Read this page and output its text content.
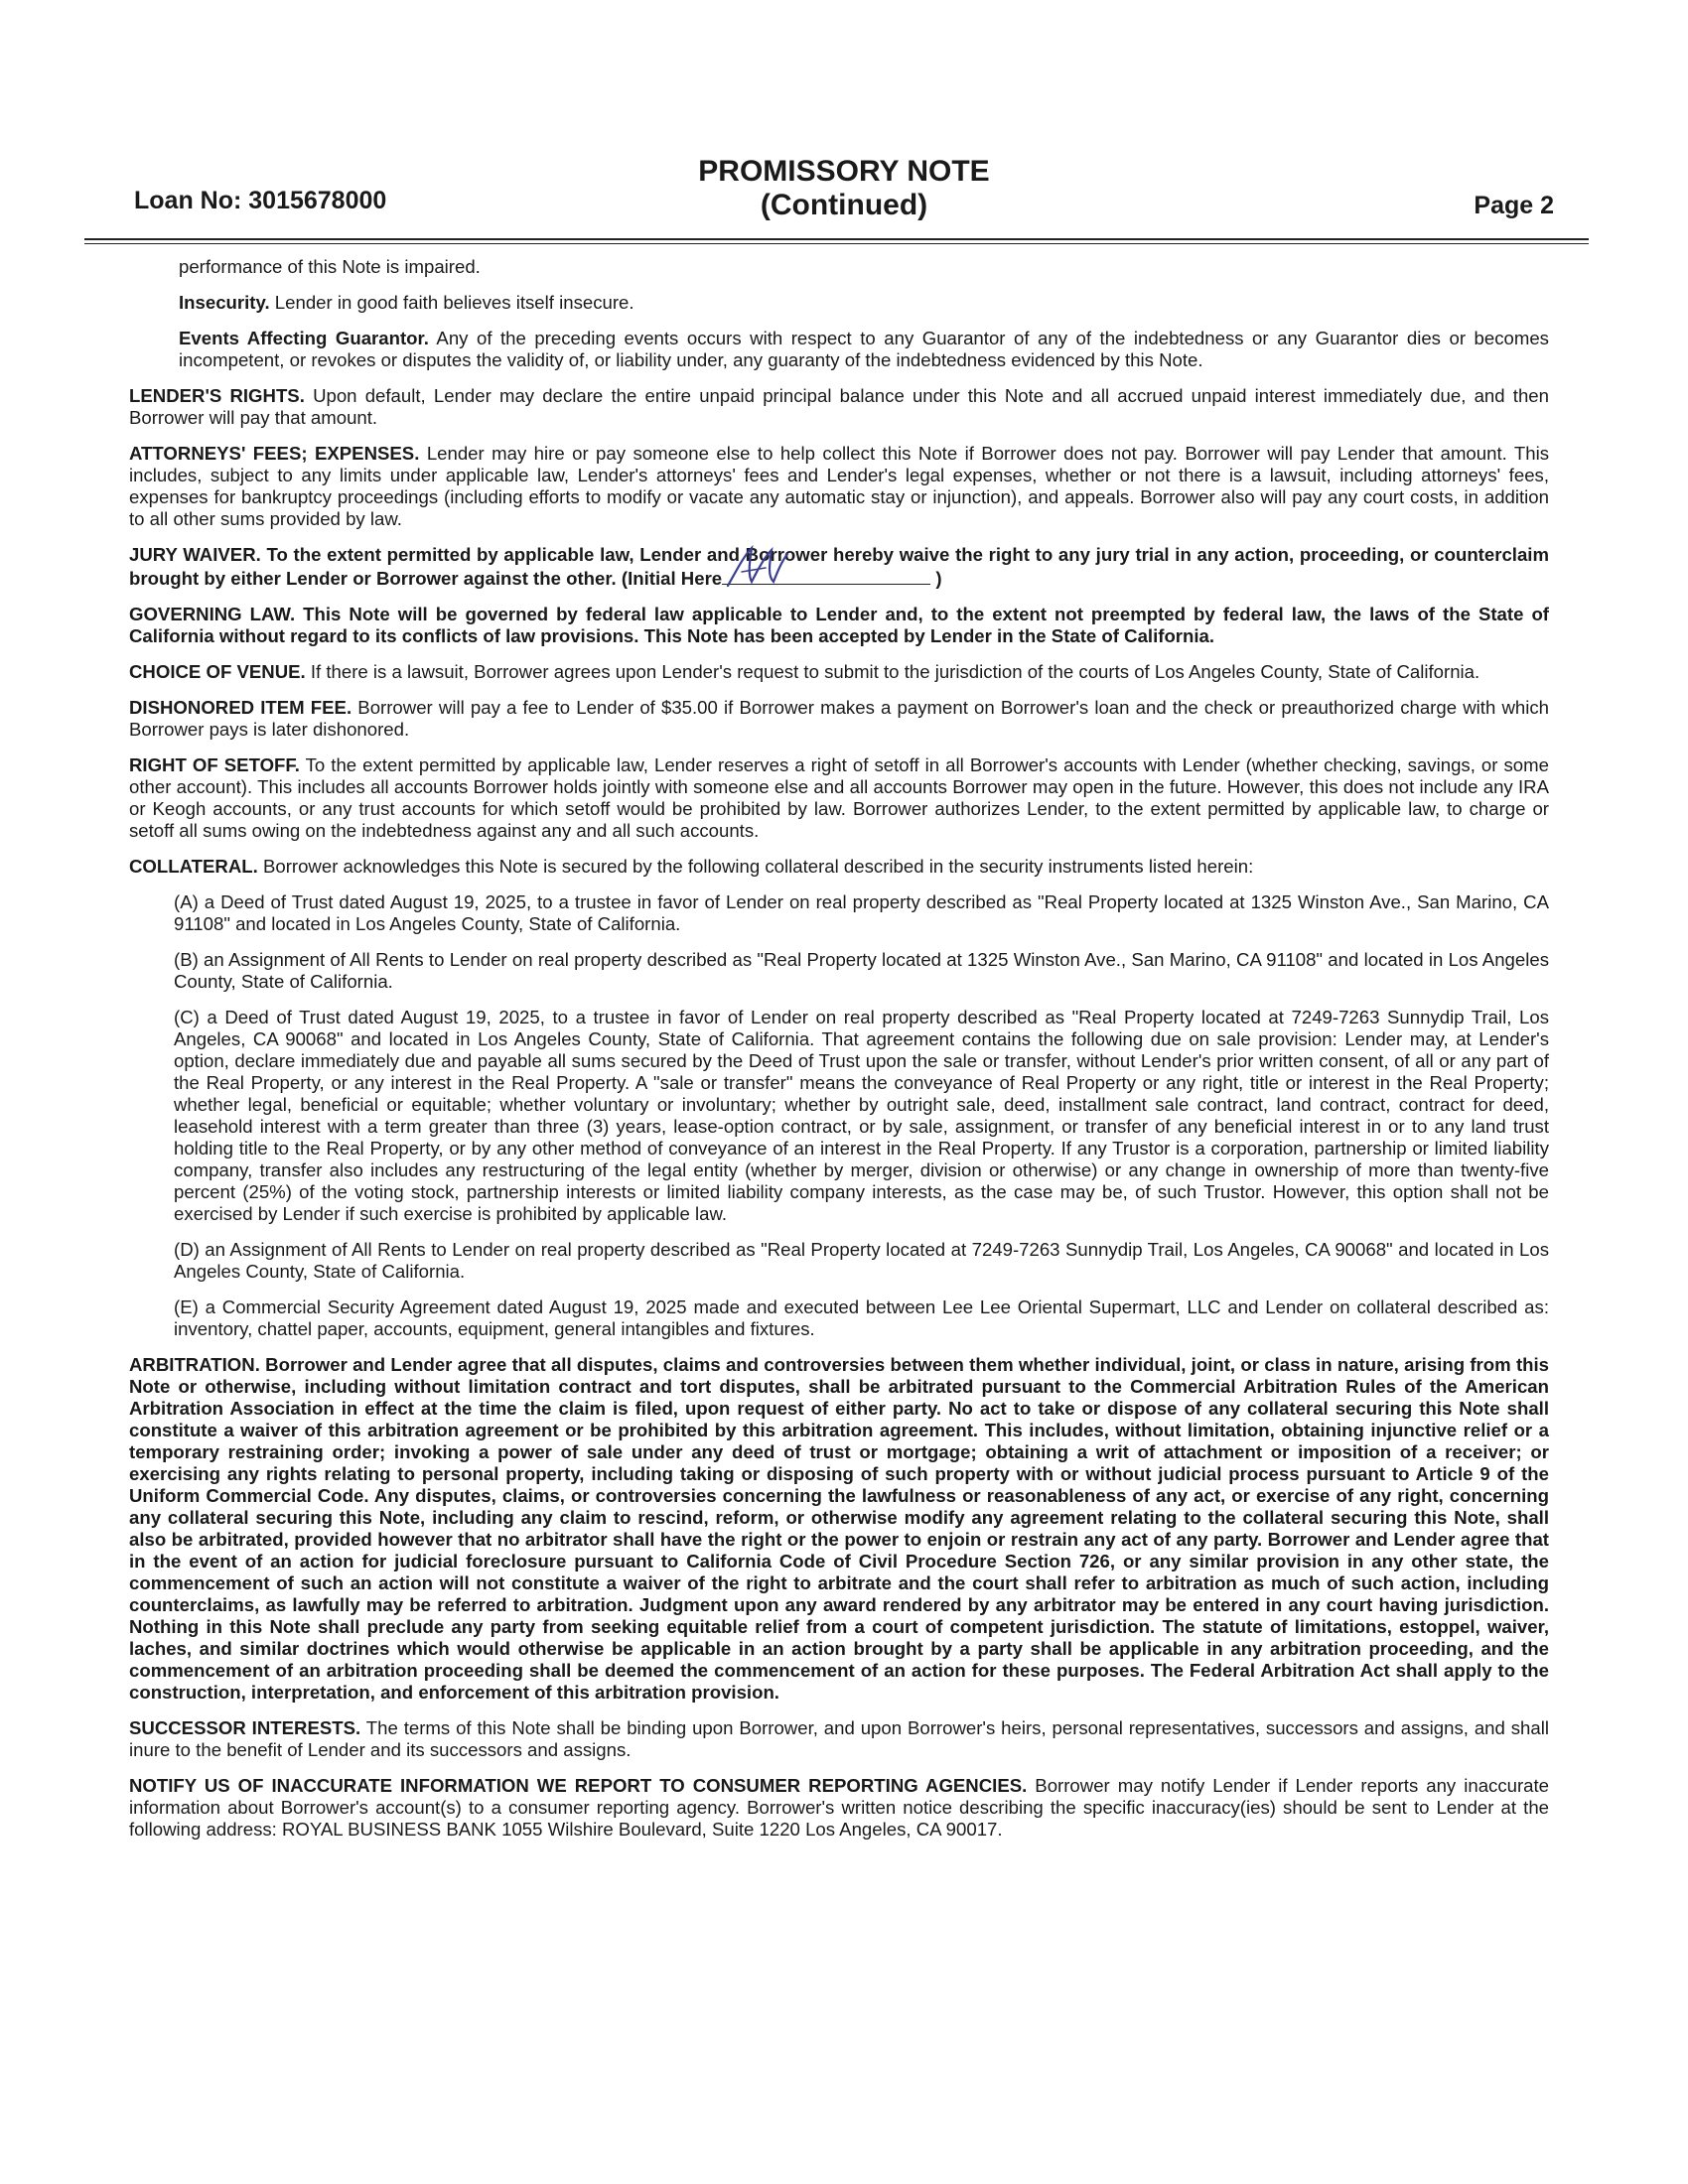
Loan No: 3015678000
PROMISSORY NOTE
(Continued)	Page 2

performance of this Note is impaired.

Insecurity. Lender in good faith believes itself insecure.

Events Affecting Guarantor. Any of the preceding events occurs with respect to any Guarantor of any of the indebtedness or any Guarantor dies or becomes incompetent, or revokes or disputes the validity of, or liability under, any guaranty of the indebtedness evidenced by this Note.

LENDER'S RIGHTS. Upon default, Lender may declare the entire unpaid principal balance under this Note and all accrued unpaid interest immediately due, and then Borrower will pay that amount.

ATTORNEYS' FEES; EXPENSES. Lender may hire or pay someone else to help collect this Note if Borrower does not pay. Borrower will pay Lender that amount. This includes, subject to any limits under applicable law, Lender's attorneys' fees and Lender's legal expenses, whether or not there is a lawsuit, including attorneys' fees, expenses for bankruptcy proceedings (including efforts to modify or vacate any automatic stay or injunction), and appeals. Borrower also will pay any court costs, in addition to all other sums provided by law.

JURY WAIVER. To the extent permitted by applicable law, Lender and Borrower hereby waive the right to any jury trial in any action, proceeding, or counterclaim brought by either Lender or Borrower against the other. (Initial Here	)

GOVERNING LAW. This Note will be governed by federal law applicable to Lender and, to the extent not preempted by federal law, the laws of the State of California without regard to its conflicts of law provisions. This Note has been accepted by Lender in the State of California.

CHOICE OF VENUE. If there is a lawsuit, Borrower agrees upon Lender's request to submit to the jurisdiction of the courts of Los Angeles County, State of California.

DISHONORED ITEM FEE. Borrower will pay a fee to Lender of $35.00 if Borrower makes a payment on Borrower's loan and the check or preauthorized charge with which Borrower pays is later dishonored.

RIGHT OF SETOFF. To the extent permitted by applicable law, Lender reserves a right of setoff in all Borrower's accounts with Lender (whether checking, savings, or some other account). This includes all accounts Borrower holds jointly with someone else and all accounts Borrower may open in the future. However, this does not include any IRA or Keogh accounts, or any trust accounts for which setoff would be prohibited by law. Borrower authorizes Lender, to the extent permitted by applicable law, to charge or setoff all sums owing on the indebtedness against any and all such accounts.

COLLATERAL. Borrower acknowledges this Note is secured by the following collateral described in the security instruments listed herein:

(A) a Deed of Trust dated August 19, 2025, to a trustee in favor of Lender on real property described as "Real Property located at 1325 Winston Ave., San Marino, CA 91108" and located in Los Angeles County, State of California.

(B) an Assignment of All Rents to Lender on real property described as "Real Property located at 1325 Winston Ave., San Marino, CA 91108" and located in Los Angeles County, State of California.

(C) a Deed of Trust dated August 19, 2025, to a trustee in favor of Lender on real property described as "Real Property located at 7249-7263 Sunnydip Trail, Los Angeles, CA 90068" and located in Los Angeles County, State of California. That agreement contains the following due on sale provision: Lender may, at Lender's option, declare immediately due and payable all sums secured by the Deed of Trust upon the sale or transfer, without Lender's prior written consent, of all or any part of the Real Property, or any interest in the Real Property. A "sale or transfer" means the conveyance of Real Property or any right, title or interest in the Real Property; whether legal, beneficial or equitable; whether voluntary or involuntary; whether by outright sale, deed, installment sale contract, land contract, contract for deed, leasehold interest with a term greater than three (3) years, lease-option contract, or by sale, assignment, or transfer of any beneficial interest in or to any land trust holding title to the Real Property, or by any other method of conveyance of an interest in the Real Property. If any Trustor is a corporation, partnership or limited liability company, transfer also includes any restructuring of the legal entity (whether by merger, division or otherwise) or any change in ownership of more than twenty-five percent (25%) of the voting stock, partnership interests or limited liability company interests, as the case may be, of such Trustor. However, this option shall not be exercised by Lender if such exercise is prohibited by applicable law.

(D) an Assignment of All Rents to Lender on real property described as "Real Property located at 7249-7263 Sunnydip Trail, Los Angeles, CA 90068" and located in Los Angeles County, State of California.

(E) a Commercial Security Agreement dated August 19, 2025 made and executed between Lee Lee Oriental Supermart, LLC and Lender on collateral described as: inventory, chattel paper, accounts, equipment, general intangibles and fixtures.

ARBITRATION. Borrower and Lender agree that all disputes, claims and controversies between them whether individual, joint, or class in nature, arising from this Note or otherwise, including without limitation contract and tort disputes, shall be arbitrated pursuant to the Commercial Arbitration Rules of the American Arbitration Association in effect at the time the claim is filed, upon request of either party. No act to take or dispose of any collateral securing this Note shall constitute a waiver of this arbitration agreement or be prohibited by this arbitration agreement. This includes, without limitation, obtaining injunctive relief or a temporary restraining order; invoking a power of sale under any deed of trust or mortgage; obtaining a writ of attachment or imposition of a receiver; or exercising any rights relating to personal property, including taking or disposing of such property with or without judicial process pursuant to Article 9 of the Uniform Commercial Code. Any disputes, claims, or controversies concerning the lawfulness or reasonableness of any act, or exercise of any right, concerning any collateral securing this Note, including any claim to rescind, reform, or otherwise modify any agreement relating to the collateral securing this Note, shall also be arbitrated, provided however that no arbitrator shall have the right or the power to enjoin or restrain any act of any party. Borrower and Lender agree that in the event of an action for judicial foreclosure pursuant to California Code of Civil Procedure Section 726, or any similar provision in any other state, the commencement of such an action will not constitute a waiver of the right to arbitrate and the court shall refer to arbitration as much of such action, including counterclaims, as lawfully may be referred to arbitration. Judgment upon any award rendered by any arbitrator may be entered in any court having jurisdiction. Nothing in this Note shall preclude any party from seeking equitable relief from a court of competent jurisdiction. The statute of limitations, estoppel, waiver, laches, and similar doctrines which would otherwise be applicable in an action brought by a party shall be applicable in any arbitration proceeding, and the commencement of an arbitration proceeding shall be deemed the commencement of an action for these purposes. The Federal Arbitration Act shall apply to the construction, interpretation, and enforcement of this arbitration provision.

SUCCESSOR INTERESTS. The terms of this Note shall be binding upon Borrower, and upon Borrower's heirs, personal representatives, successors and assigns, and shall inure to the benefit of Lender and its successors and assigns.

NOTIFY US OF INACCURATE INFORMATION WE REPORT TO CONSUMER REPORTING AGENCIES. Borrower may notify Lender if Lender reports any inaccurate information about Borrower's account(s) to a consumer reporting agency. Borrower's written notice describing the specific inaccuracy(ies) should be sent to Lender at the following address: ROYAL BUSINESS BANK 1055 Wilshire Boulevard, Suite 1220 Los Angeles, CA 90017.
